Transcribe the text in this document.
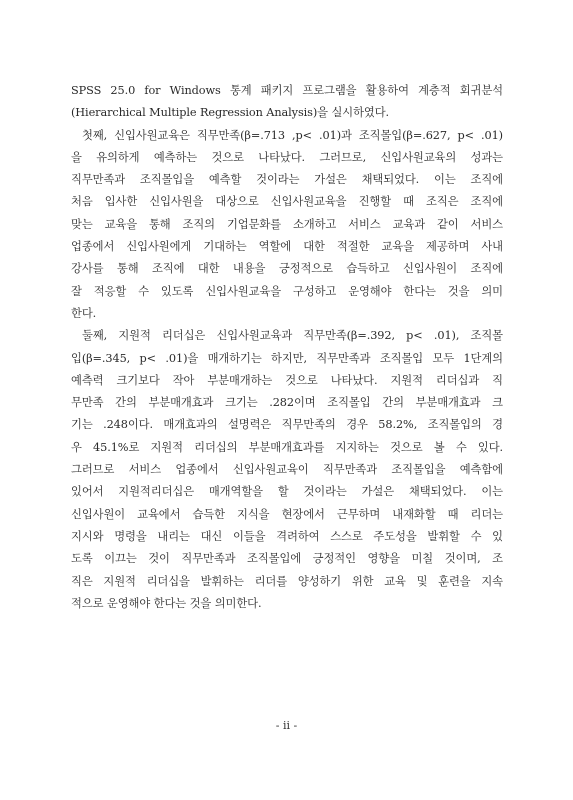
SPSS 25.0 for Windows 통계 패키지 프로그램을 활용하여 계층적 회귀분석

(Hierarchical Multiple Regression Analysis)을 실시하였다.

첫째, 신입사원교육은 직무만족(β=.713 ,p< .01)과 조직몰입(β=.627, p< .01)

을 유의하게 예측하는 것으로 나타났다. 그러므로, 신입사원교육의 성과는

직무만족과 조직몰입을 예측할 것이라는 가설은 채택되었다. 이는 조직에

처음 입사한 신입사원을 대상으로 신입사원교육을 진행할 때 조직은 조직에

맞는 교육을 통해 조직의 기업문화를 소개하고 서비스 교육과 같이 서비스

업종에서 신입사원에게 기대하는 역할에 대한 적절한 교육을 제공하며 사내

강사를 통해 조직에 대한 내용을 긍정적으로 습득하고 신입사원이 조직에

잘 적응할 수 있도록 신입사원교육을 구성하고 운영해야 한다는 것을 의미

한다.

둘째, 지원적 리더십은 신입사원교육과 직무만족(β=.392, p< .01), 조직몰

입(β=.345, p< .01)을 매개하기는 하지만, 직무만족과 조직몰입 모두 1단계의

예측력 크기보다 작아 부분매개하는 것으로 나타났다. 지원적 리더십과 직

무만족 간의 부분매개효과 크기는 .282이며 조직몰입 간의 부분매개효과 크

기는 .248이다. 매개효과의 설명력은 직무만족의 경우 58.2%, 조직몰입의 경

우 45.1%로 지원적 리더십의 부분매개효과를 지지하는 것으로 볼 수 있다.

그러므로 서비스 업종에서 신입사원교육이 직무만족과 조직몰입을 예측함에

있어서 지원적리더십은 매개역할을 할 것이라는 가설은 채택되었다. 이는

신입사원이 교육에서 습득한 지식을 현장에서 근무하며 내재화할 때 리더는

지시와 명령을 내리는 대신 이들을 격려하여 스스로 주도성을 발휘할 수 있

도록 이끄는 것이 직무만족과 조직몰입에 긍정적인 영향을 미칠 것이며, 조

직은 지원적 리더십을 발휘하는 리더를 양성하기 위한 교육 및 훈련을 지속

적으로 운영해야 한다는 것을 의미한다.

- ii -
